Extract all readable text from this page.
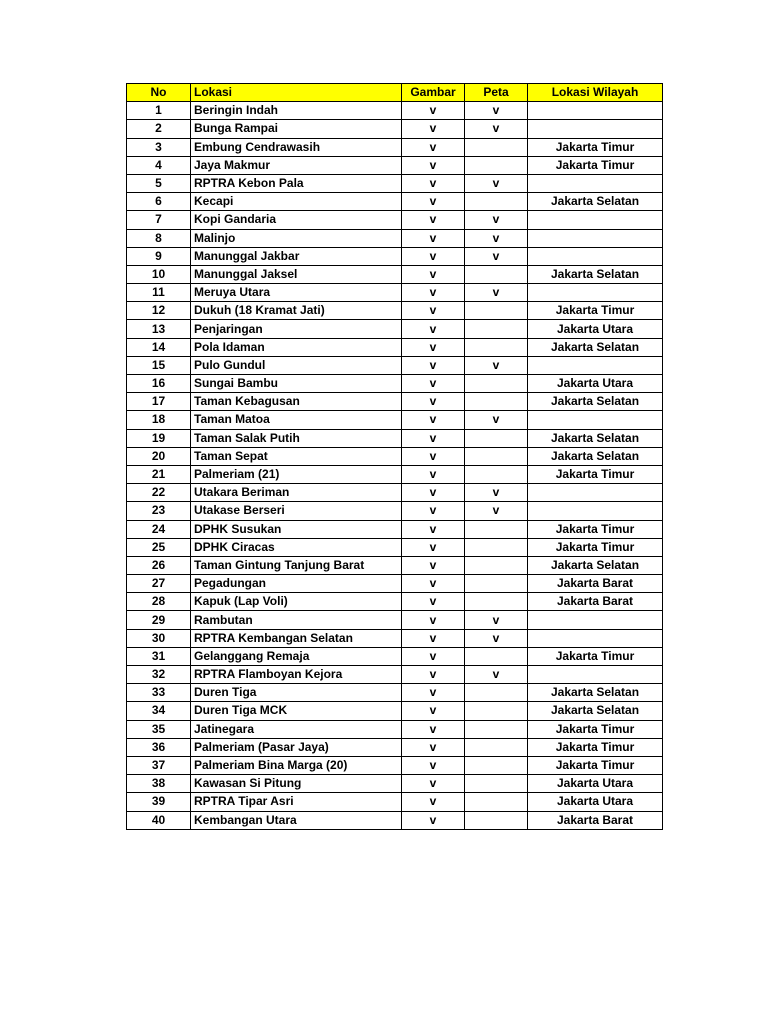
No	Lokasi	Gambar	Peta	Lokasi Wilayah
1	Beringin Indah	v	v	
2	Bunga Rampai	v	v	
3	Embung Cendrawasih	v		Jakarta Timur
4	Jaya Makmur	v		Jakarta Timur
5	RPTRA Kebon Pala	v	v	
6	Kecapi	v		Jakarta Selatan
7	Kopi Gandaria	v	v	
8	Malinjo	v	v	
9	Manunggal Jakbar	v	v	
10	Manunggal Jaksel	v		Jakarta Selatan
11	Meruya Utara	v	v	
12	Dukuh (18 Kramat Jati)	v		Jakarta Timur
13	Penjaringan	v		Jakarta Utara
14	Pola Idaman	v		Jakarta Selatan
15	Pulo Gundul	v	v	
16	Sungai Bambu	v		Jakarta Utara
17	Taman Kebagusan	v		Jakarta Selatan
18	Taman Matoa	v	v	
19	Taman Salak Putih	v		Jakarta Selatan
20	Taman Sepat	v		Jakarta Selatan
21	Palmeriam (21)	v		Jakarta Timur
22	Utakara Beriman	v	v	
23	Utakase Berseri	v	v	
24	DPHK Susukan	v		Jakarta Timur
25	DPHK Ciracas	v		Jakarta Timur
26	Taman Gintung Tanjung Barat	v		Jakarta Selatan
27	Pegadungan	v		Jakarta Barat
28	Kapuk (Lap Voli)	v		Jakarta Barat
29	Rambutan	v	v	
30	RPTRA Kembangan Selatan	v	v	
31	Gelanggang Remaja	v		Jakarta Timur
32	RPTRA Flamboyan Kejora	v	v	
33	Duren Tiga	v		Jakarta Selatan
34	Duren Tiga MCK	v		Jakarta Selatan
35	Jatinegara	v		Jakarta Timur
36	Palmeriam (Pasar Jaya)	v		Jakarta Timur
37	Palmeriam Bina Marga (20)	v		Jakarta Timur
38	Kawasan Si Pitung	v		Jakarta Utara
39	RPTRA Tipar Asri	v		Jakarta Utara
40	Kembangan Utara	v		Jakarta Barat
